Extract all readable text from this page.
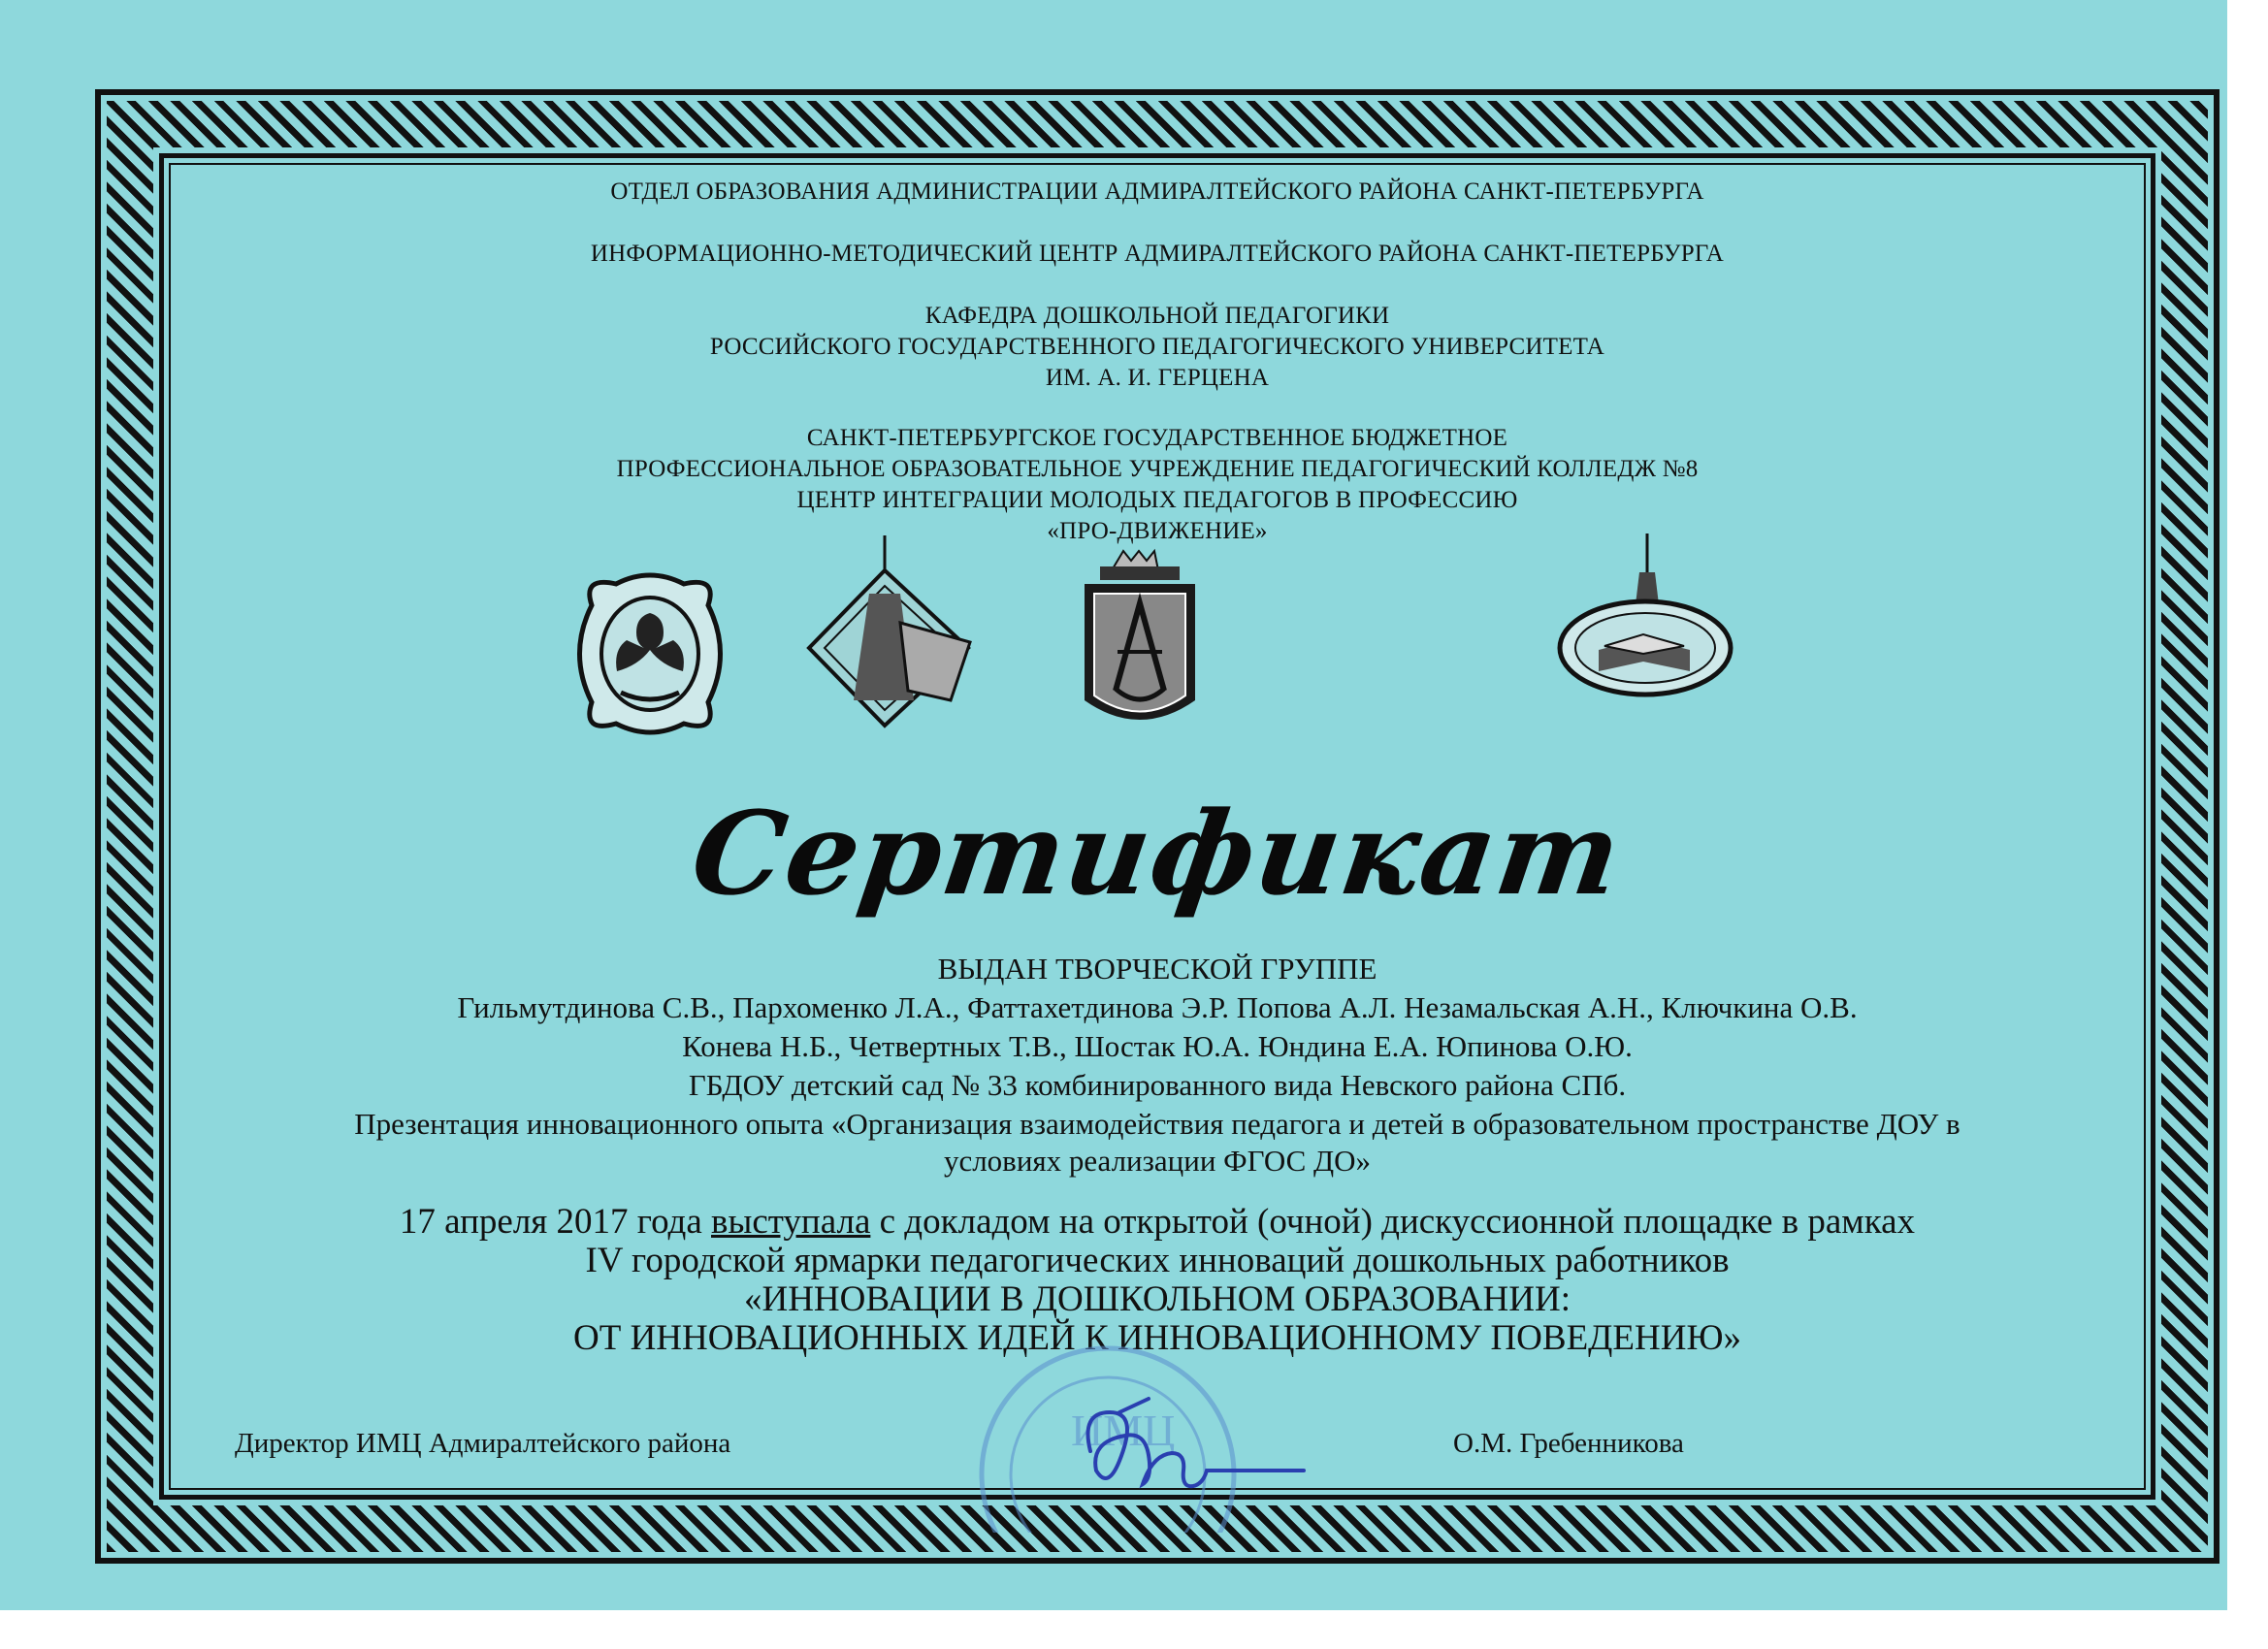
ОТДЕЛ ОБРАЗОВАНИЯ АДМИНИСТРАЦИИ АДМИРАЛТЕЙСКОГО РАЙОНА САНКТ-ПЕТЕРБУРГА

ИНФОРМАЦИОННО-МЕТОДИЧЕСКИЙ ЦЕНТР АДМИРАЛТЕЙСКОГО РАЙОНА САНКТ-ПЕТЕРБУРГА

КАФЕДРА ДОШКОЛЬНОЙ ПЕДАГОГИКИ

РОССИЙСКОГО ГОСУДАРСТВЕННОГО ПЕДАГОГИЧЕСКОГО УНИВЕРСИТЕТА

ИМ. А. И. ГЕРЦЕНА

САНКТ-ПЕТЕРБУРГСКОЕ ГОСУДАРСТВЕННОЕ БЮДЖЕТНОЕ

ПРОФЕССИОНАЛЬНОЕ ОБРАЗОВАТЕЛЬНОЕ УЧРЕЖДЕНИЕ ПЕДАГОГИЧЕСКИЙ КОЛЛЕДЖ №8

ЦЕНТР ИНТЕГРАЦИИ МОЛОДЫХ ПЕДАГОГОВ В ПРОФЕССИЮ

«ПРО-ДВИЖЕНИЕ»

Сертификат
ВЫДАН ТВОРЧЕСКОЙ ГРУППЕ
Гильмутдинова С.В., Пархоменко Л.А., Фаттахетдинова Э.Р. Попова А.Л. Незамальская А.Н., Ключкина О.В.
Конева Н.Б., Четвертных Т.В., Шостак Ю.А. Юндина Е.А. Юпинова О.Ю.
ГБДОУ детский сад № 33 комбинированного вида Невского района СПб.
Презентация инновационного опыта «Организация взаимодействия педагога и детей в образовательном пространстве ДОУ в
условиях реализации ФГОС ДО»
17 апреля 2017 года выступала с докладом на открытой (очной) дискуссионной площадке в рамках
IV городской ярмарки педагогических инноваций дошкольных работников
«ИННОВАЦИИ В ДОШКОЛЬНОМ ОБРАЗОВАНИИ:
ОТ ИННОВАЦИОННЫХ ИДЕЙ К ИННОВАЦИОННОМУ ПОВЕДЕНИЮ»
ИМЦ
Директор ИМЦ Адмиралтейского района	О.М. Гребенникова
